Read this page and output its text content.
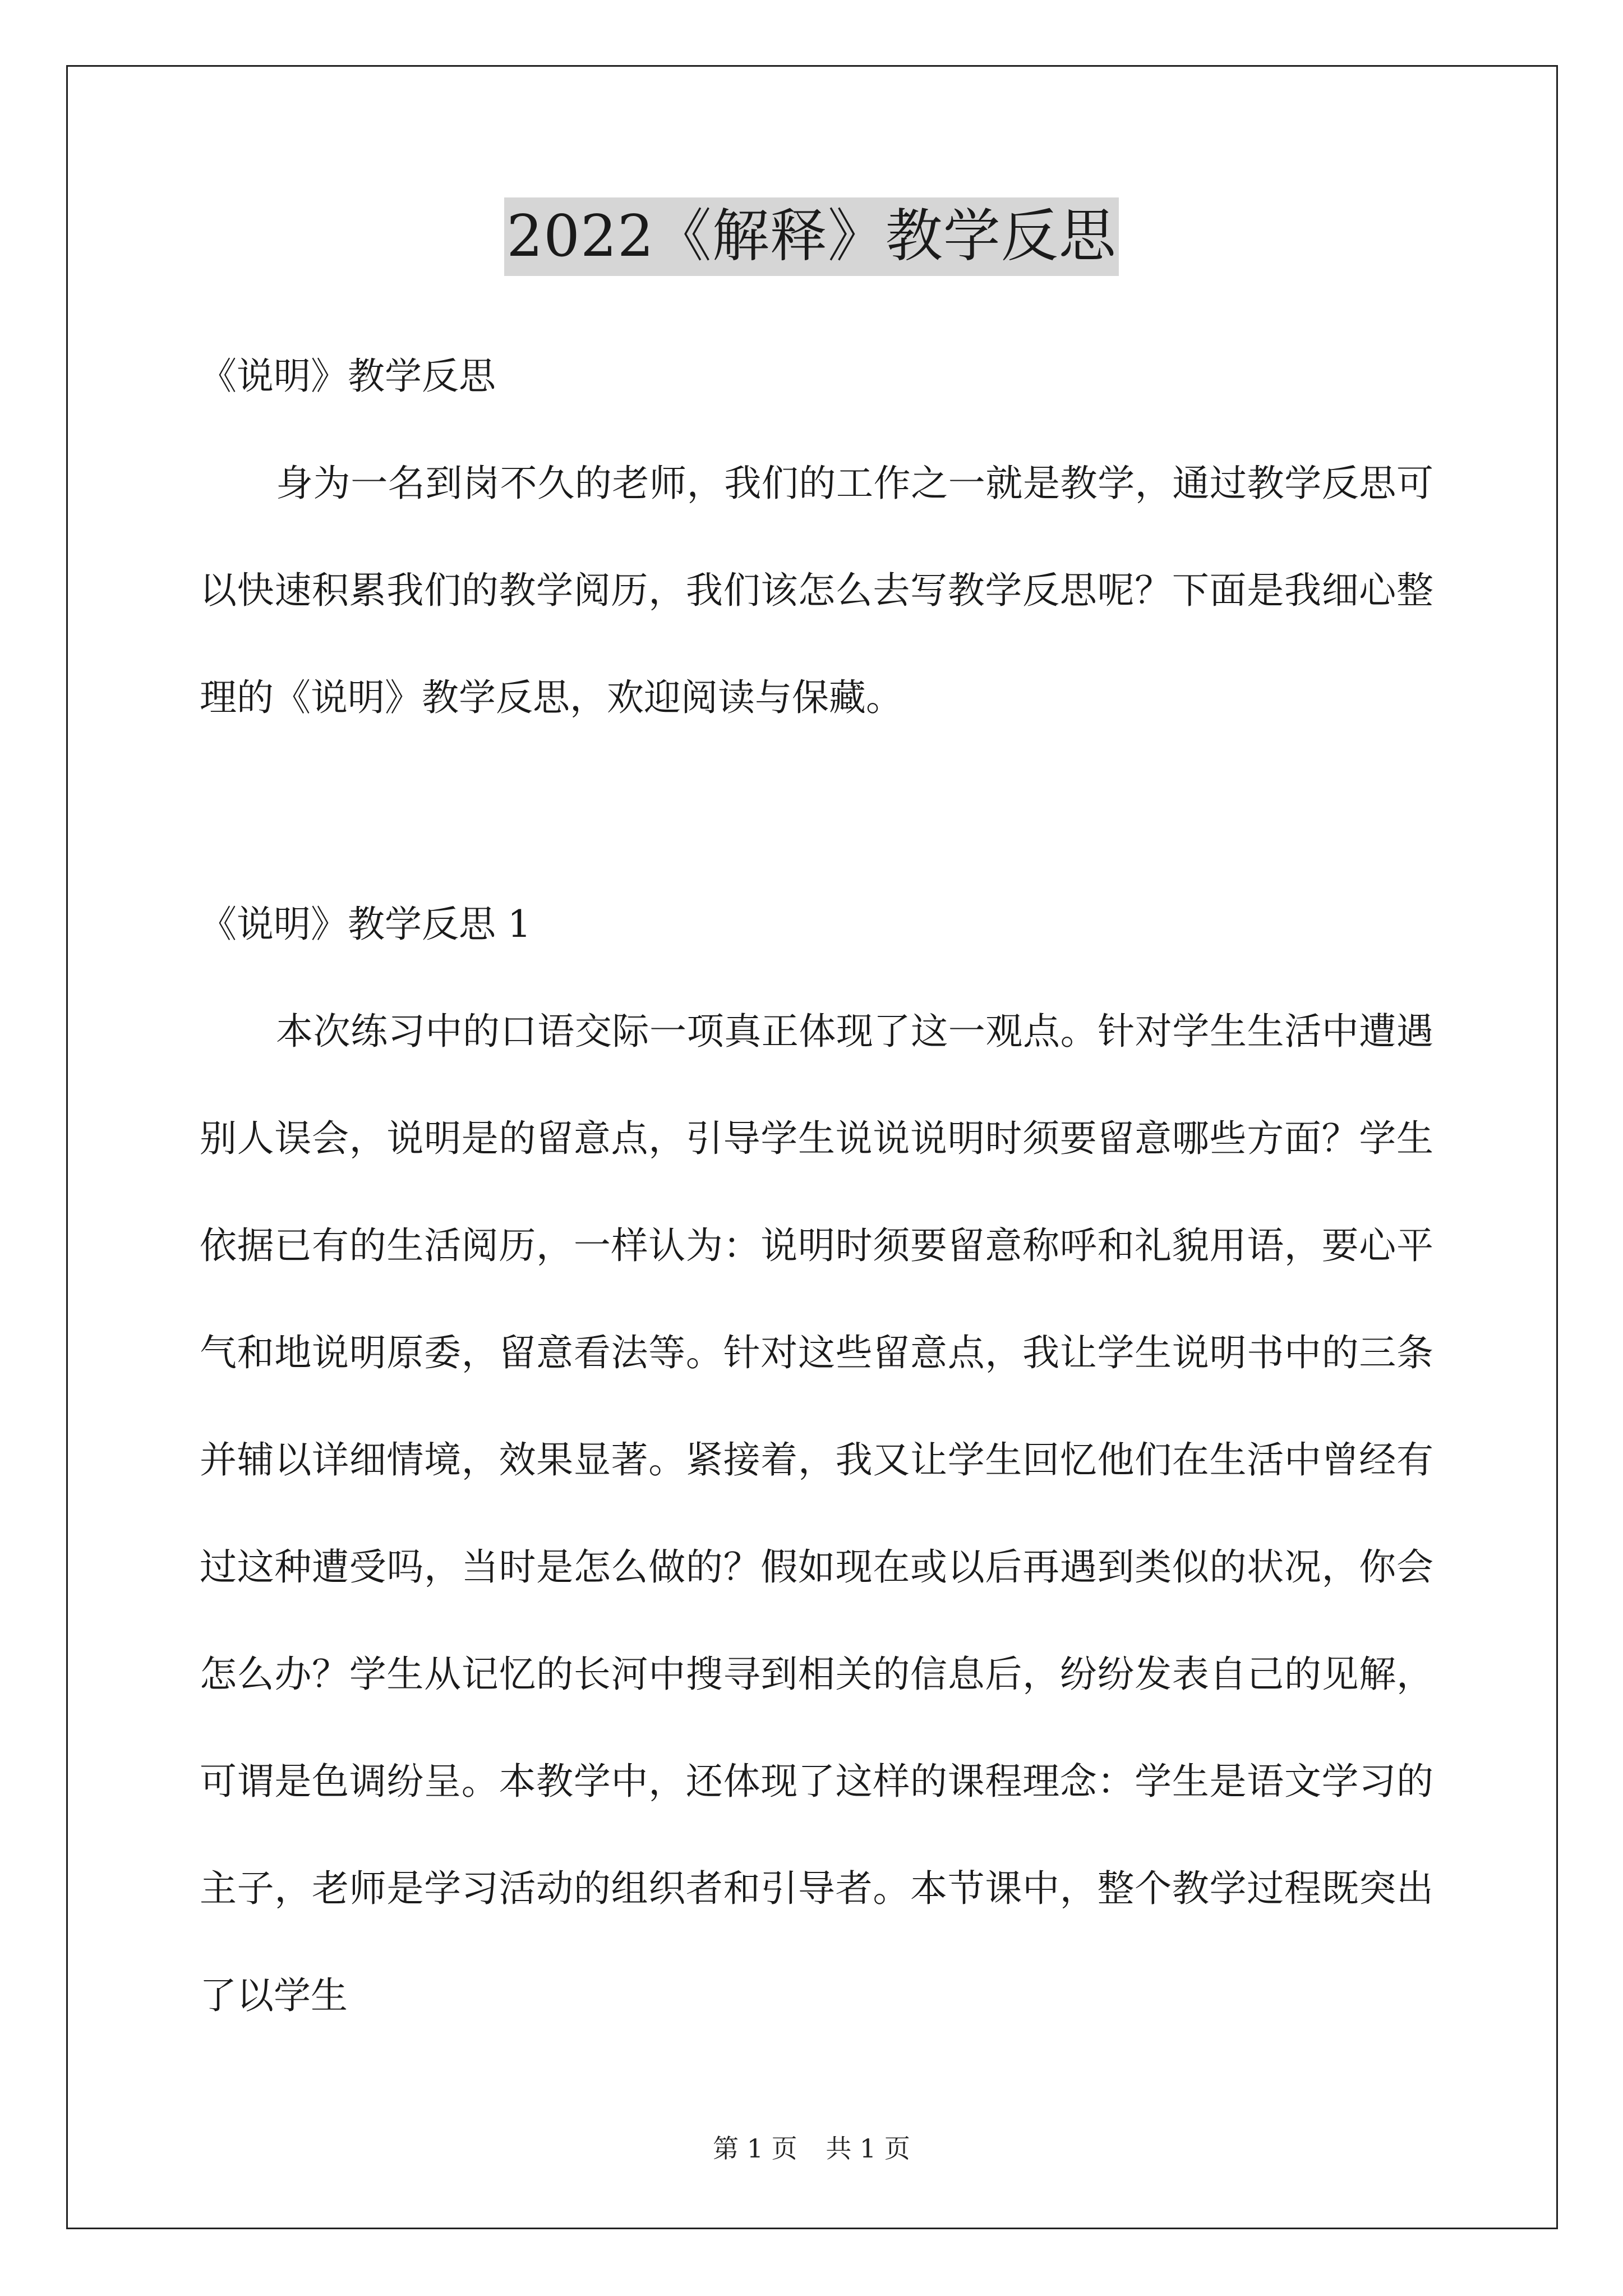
2022《解释》教学反思

《说明》教学反思

身为一名到岗不久的老师，我们的工作之一就是教学，通过教学反思可以快速积累我们的教学阅历，我们该怎么去写教学反思呢？下面是我细心整理的《说明》教学反思，欢迎阅读与保藏。

《说明》教学反思 1

本次练习中的口语交际一项真正体现了这一观点。针对学生生活中遭遇别人误会，说明是的留意点，引导学生说说说明时须要留意哪些方面？学生依据已有的生活阅历，一样认为：说明时须要留意称呼和礼貌用语，要心平气和地说明原委，留意看法等。针对这些留意点，我让学生说明书中的三条并辅以详细情境，效果显著。紧接着，我又让学生回忆他们在生活中曾经有过这种遭受吗，当时是怎么做的？假如现在或以后再遇到类似的状况，你会怎么办？学生从记忆的长河中搜寻到相关的信息后，纷纷发表自己的见解，可谓是色调纷呈。本教学中，还体现了这样的课程理念：学生是语文学习的主子，老师是学习活动的组织者和引导者。本节课中，整个教学过程既突出了以学生

第 1 页 共 1 页
